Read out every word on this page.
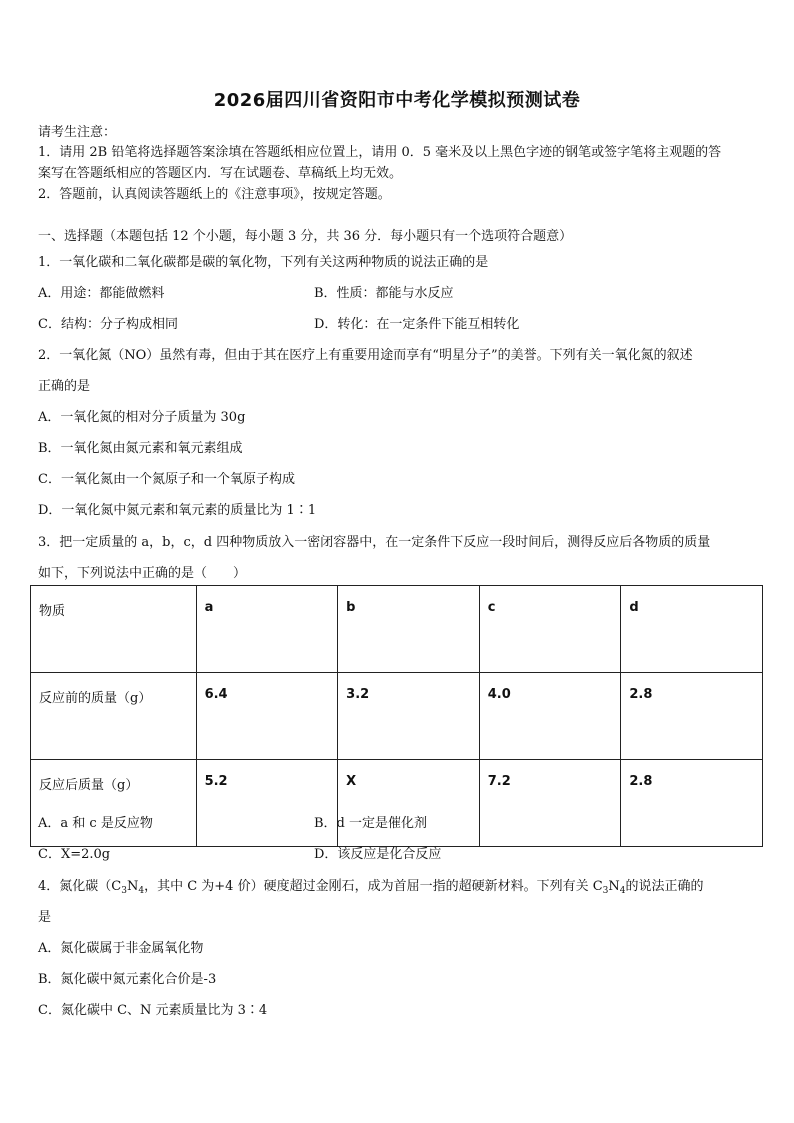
2026届四川省资阳市中考化学模拟预测试卷
请考生注意：
1．请用 2B 铅笔将选择题答案涂填在答题纸相应位置上，请用 0．5 毫米及以上黑色字迹的钢笔或签字笔将主观题的答
案写在答题纸相应的答题区内．写在试题卷、草稿纸上均无效。
2．答题前，认真阅读答题纸上的《注意事项》，按规定答题。
一、选择题（本题包括 12 个小题，每小题 3 分，共 36 分．每小题只有一个选项符合题意）
1．一氧化碳和二氧化碳都是碳的氧化物，下列有关这两种物质的说法正确的是
A．用途：都能做燃料	B．性质：都能与水反应
C．结构：分子构成相同	D．转化：在一定条件下能互相转化
2．一氧化氮（NO）虽然有毒，但由于其在医疗上有重要用途而享有“明星分子”的美誉。下列有关一氧化氮的叙述
正确的是
A．一氧化氮的相对分子质量为 30g
B．一氧化氮由氮元素和氧元素组成
C．一氧化氮由一个氮原子和一个氧原子构成
D．一氧化氮中氮元素和氧元素的质量比为 1∶1
3．把一定质量的 a，b，c，d 四种物质放入一密闭容器中，在一定条件下反应一段时间后，测得反应后各物质的质量
如下，下列说法中正确的是（　　）
物质	a	b	c	d
反应前的质量（g）	6.4	3.2	4.0	2.8
反应后质量（g）	5.2	X	7.2	2.8
A．a 和 c 是反应物	B．d 一定是催化剂
C．X=2.0g	D．该反应是化合反应
4．氮化碳（$C_3N_4$，其中 C 为+4 价）硬度超过金刚石，成为首屈一指的超硬新材料。下列有关 $C_3N_4$的说法正确的
是
A．氮化碳属于非金属氧化物
B．氮化碳中氮元素化合价是-3
C．氮化碳中 C、N 元素质量比为 3∶4
